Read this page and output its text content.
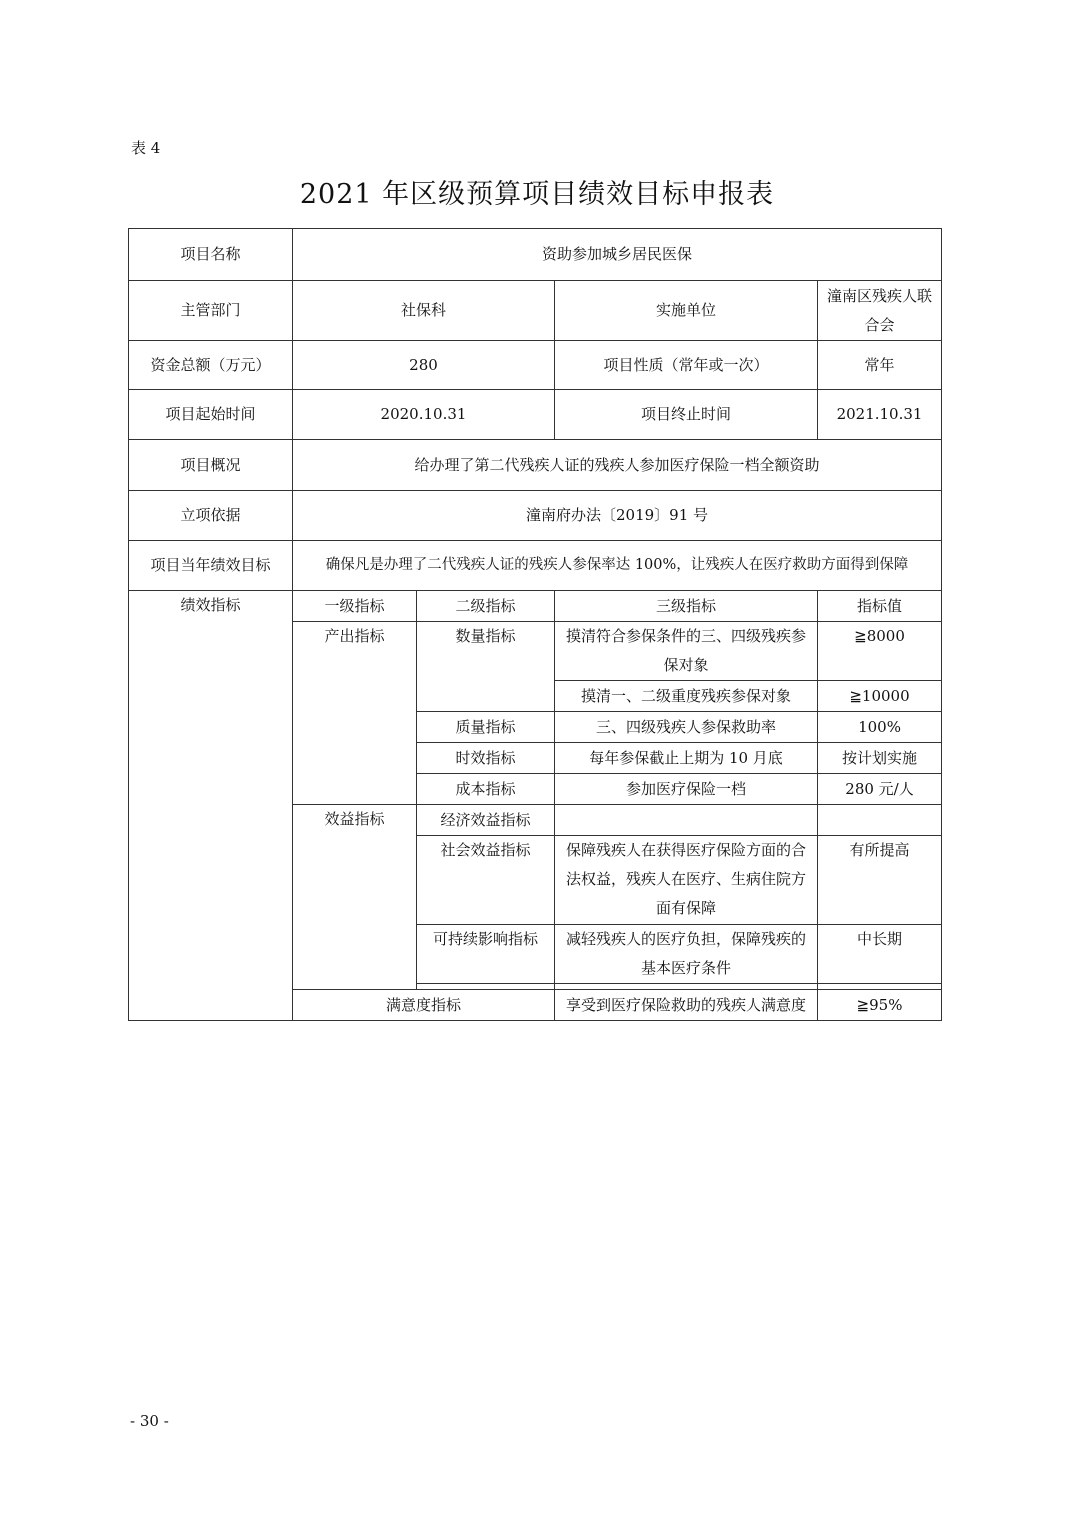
表 4
2021 年区级预算项目绩效目标申报表
项目名称	资助参加城乡居民医保			
主管部门	社保科		实施单位	潼南区残疾人联
合会

资金总额（万元）	280		项目性质（常年或一次）	常年
项目起始时间	2020.10.31		项目终止时间	2021.10.31
项目概况	给办理了第二代残疾人证的残疾人参加医疗保险一档全额资助			
立项依据	潼南府办法〔2019〕91 号			
项目当年绩效目标	确保凡是办理了二代残疾人证的残疾人参保率达 100%，让残疾人在医疗救助方面得到保障			
绩效指标	一级指标	二级指标	三级指标	指标值
	产出指标	数量指标	摸清符合参保条件的三、四级残疾参
保对象	≧8000
			摸清一、二级重度残疾参保对象	≧10000
		质量指标	三、四级残疾人参保救助率	100%
		时效指标	每年参保截止上期为 10 月底	按计划实施
		成本指标	参加医疗保险一档	280 元/人
	效益指标	经济效益指标		
		社会效益指标	保障残疾人在获得医疗保险方面的合
法权益，残疾人在医疗、生病住院方
面有保障	有所提高
		可持续影响指标	减轻残疾人的医疗负担，保障残疾的
基本医疗条件	中长期

	满意度指标		享受到医疗保险救助的残疾人满意度	≧95%
- 30 -
